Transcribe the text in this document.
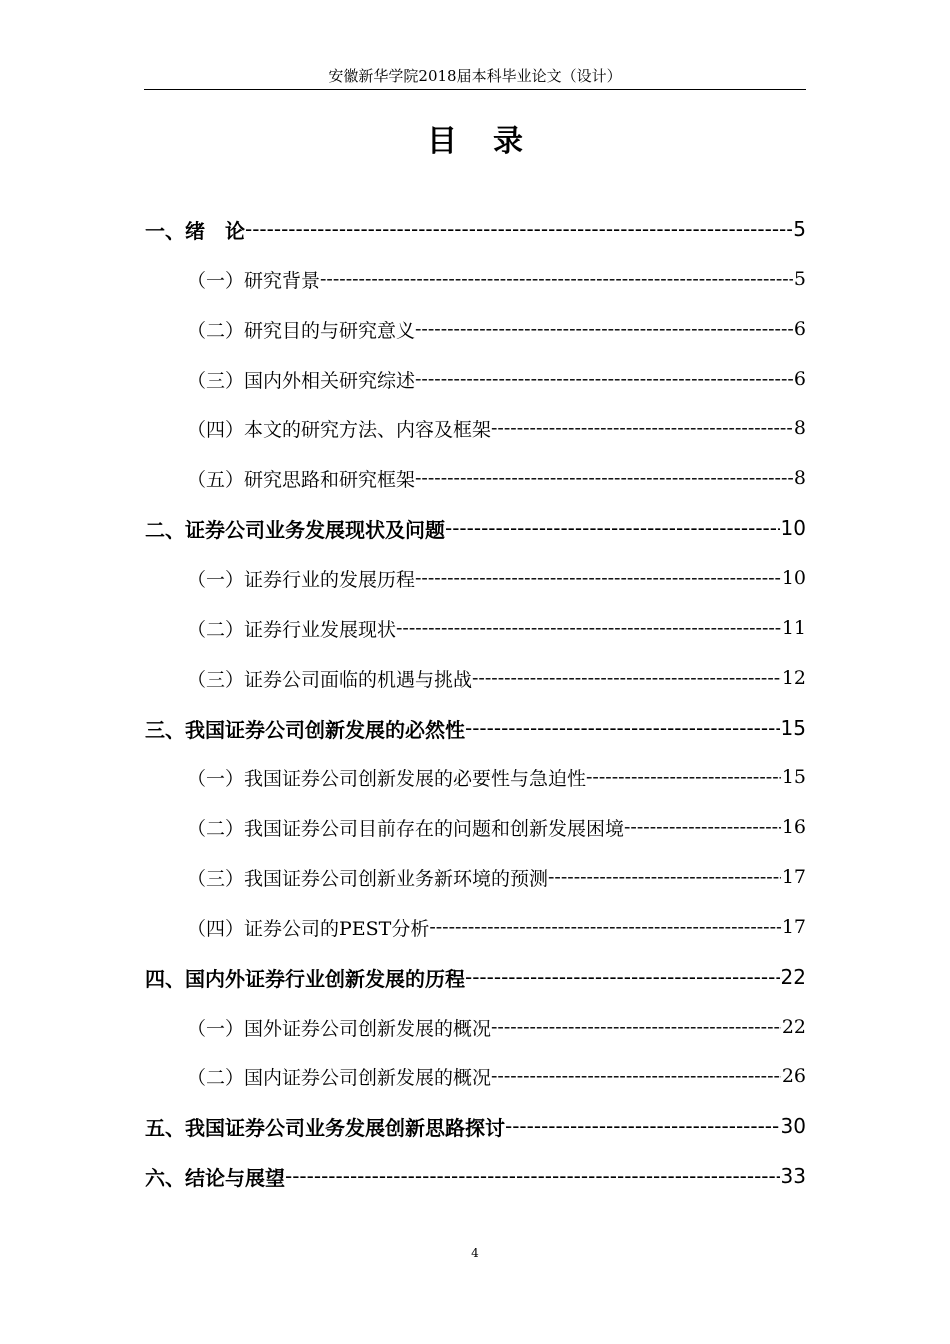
安徽新华学院2018届本科毕业论文（设计）
目录
一、绪　论 -----	5
（一）研究背景 -----	5
（二）研究目的与研究意义 -----	6
（三）国内外相关研究综述 -----	6
（四）本文的研究方法、内容及框架 -----	8
（五）研究思路和研究框架 -----	8
二、证券公司业务发展现状及问题 -----	10
（一）证券行业的发展历程 -----	10
（二）证券行业发展现状 -----	11
（三）证券公司面临的机遇与挑战 -----	12
三、我国证券公司创新发展的必然性 -----	15
（一）我国证券公司创新发展的必要性与急迫性 -----	15
（二）我国证券公司目前存在的问题和创新发展困境 -----	16
（三）我国证券公司创新业务新环境的预测 -----	17
（四）证券公司的PEST分析 -----	17
四、国内外证券行业创新发展的历程 -----	22
（一）国外证券公司创新发展的概况 -----	22
（二）国内证券公司创新发展的概况 -----	26
五、我国证券公司业务发展创新思路探讨 -----	30
六、结论与展望 -----	33
4
